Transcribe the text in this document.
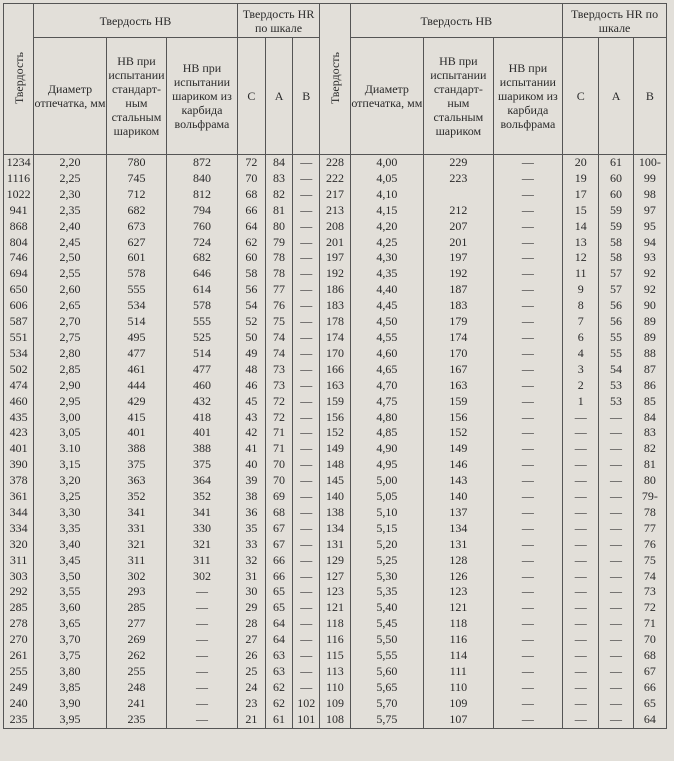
Твердость	Твердость НВ			Твердость HR по шкале			Твердость	Твердость НВ			Твердость HR по шкале		
	Диаметр отпечатка, мм	НВ при испытании стандарт-ным стальным шариком	НВ при испытании шариком из карбида вольфрама	С	А	В		Диаметр отпечатка, мм	НВ при испытании стандарт-ным стальным шариком	НВ при испытании шариком из карбида вольфрама	С	А	В
1234	2,20	780	872	72	84	—	228	4,00	229	—	20	61	100-
1116	2,25	745	840	70	83	—	222	4,05	223	—	19	60	99
1022	2,30	712	812	68	82	—	217	4,10		—	17	60	98
941	2,35	682	794	66	81	—	213	4,15	212	—	15	59	97
868	2,40	673	760	64	80	—	208	4,20	207	—	14	59	95
804	2,45	627	724	62	79	—	201	4,25	201	—	13	58	94
746	2,50	601	682	60	78	—	197	4,30	197	—	12	58	93
694	2,55	578	646	58	78	—	192	4,35	192	—	11	57	92
650	2,60	555	614	56	77	—	186	4,40	187	—	9	57	92
606	2,65	534	578	54	76	—	183	4,45	183	—	8	56	90
587	2,70	514	555	52	75	—	178	4,50	179	—	7	56	89
551	2,75	495	525	50	74	—	174	4,55	174	—	6	55	89
534	2,80	477	514	49	74	—	170	4,60	170	—	4	55	88
502	2,85	461	477	48	73	—	166	4,65	167	—	3	54	87
474	2,90	444	460	46	73	—	163	4,70	163	—	2	53	86
460	2,95	429	432	45	72	—	159	4,75	159	—	1	53	85
435	3,00	415	418	43	72	—	156	4,80	156	—	—	—	84
423	3,05	401	401	42	71	—	152	4,85	152	—	—	—	83
401	3.10	388	388	41	71	—	149	4,90	149	—	—	—	82
390	3,15	375	375	40	70	—	148	4,95	146	—	—	—	81
378	3,20	363	364	39	70	—	145	5,00	143	—	—	—	80
361	3,25	352	352	38	69	—	140	5,05	140	—	—	—	79-
344	3,30	341	341	36	68	—	138	5,10	137	—	—	—	78
334	3,35	331	330	35	67	—	134	5,15	134	—	—	—	77
320	3,40	321	321	33	67	—	131	5,20	131	—	—	—	76
311	3,45	311	311	32	66	—	129	5,25	128	—	—	—	75
303	3,50	302	302	31	66	—	127	5,30	126	—	—	—	74
292	3,55	293	—	30	65	—	123	5,35	123	—	—	—	73
285	3,60	285	—	29	65	—	121	5,40	121	—	—	—	72
278	3,65	277	—	28	64	—	118	5,45	118	—	—	—	71
270	3,70	269	—	27	64	—	116	5,50	116	—	—	—	70
261	3,75	262	—	26	63	—	115	5,55	114	—	—	—	68
255	3,80	255	—	25	63	—	113	5,60	111	—	—	—	67
249	3,85	248	—	24	62	—	110	5,65	110	—	—	—	66
240	3,90	241	—	23	62	102	109	5,70	109	—	—	—	65
235	3,95	235	—	21	61	101	108	5,75	107	—	—	—	64
